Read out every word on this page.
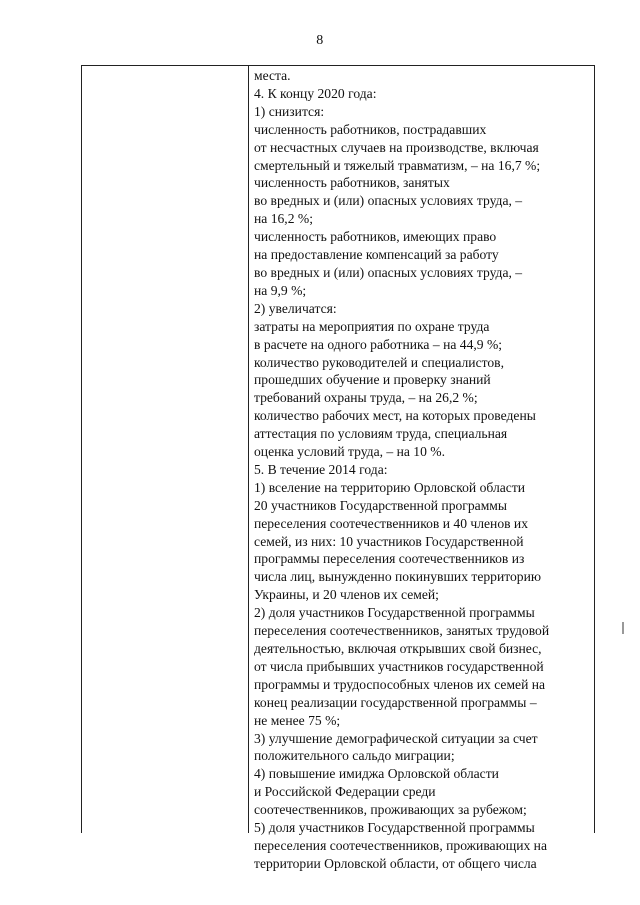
8
места.
4. К концу 2020 года:
1) снизится:
численность работников, пострадавших
от несчастных случаев на производстве, включая
смертельный и тяжелый травматизм, – на 16,7 %;
численность работников, занятых
во вредных и (или) опасных условиях труда, –
на 16,2 %;
численность работников, имеющих право
на предоставление компенсаций за работу
во вредных и (или) опасных условиях труда, –
на 9,9 %;
2) увеличатся:
затраты на мероприятия по охране труда
в расчете на одного работника – на 44,9 %;
количество руководителей и специалистов,
прошедших обучение и проверку знаний
требований охраны труда, – на 26,2 %;
количество рабочих мест, на которых проведены
аттестация по условиям труда, специальная
оценка условий труда, – на 10 %.
5. В течение 2014 года:
1) вселение на территорию Орловской области
20 участников Государственной программы
переселения соотечественников и 40 членов их
семей, из них: 10 участников Государственной
программы переселения соотечественников из
числа лиц, вынужденно покинувших территорию
Украины, и 20 членов их семей;
2) доля участников Государственной программы
переселения соотечественников, занятых трудовой
деятельностью, включая открывших свой бизнес,
от числа прибывших участников государственной
программы и трудоспособных членов их семей на
конец реализации государственной программы –
не менее 75 %;
3) улучшение демографической ситуации за счет
положительного сальдо миграции;
4) повышение имиджа Орловской области
и Российской Федерации среди
соотечественников, проживающих за рубежом;
5) доля участников Государственной программы
переселения соотечественников, проживающих на
территории Орловской области, от общего числа
